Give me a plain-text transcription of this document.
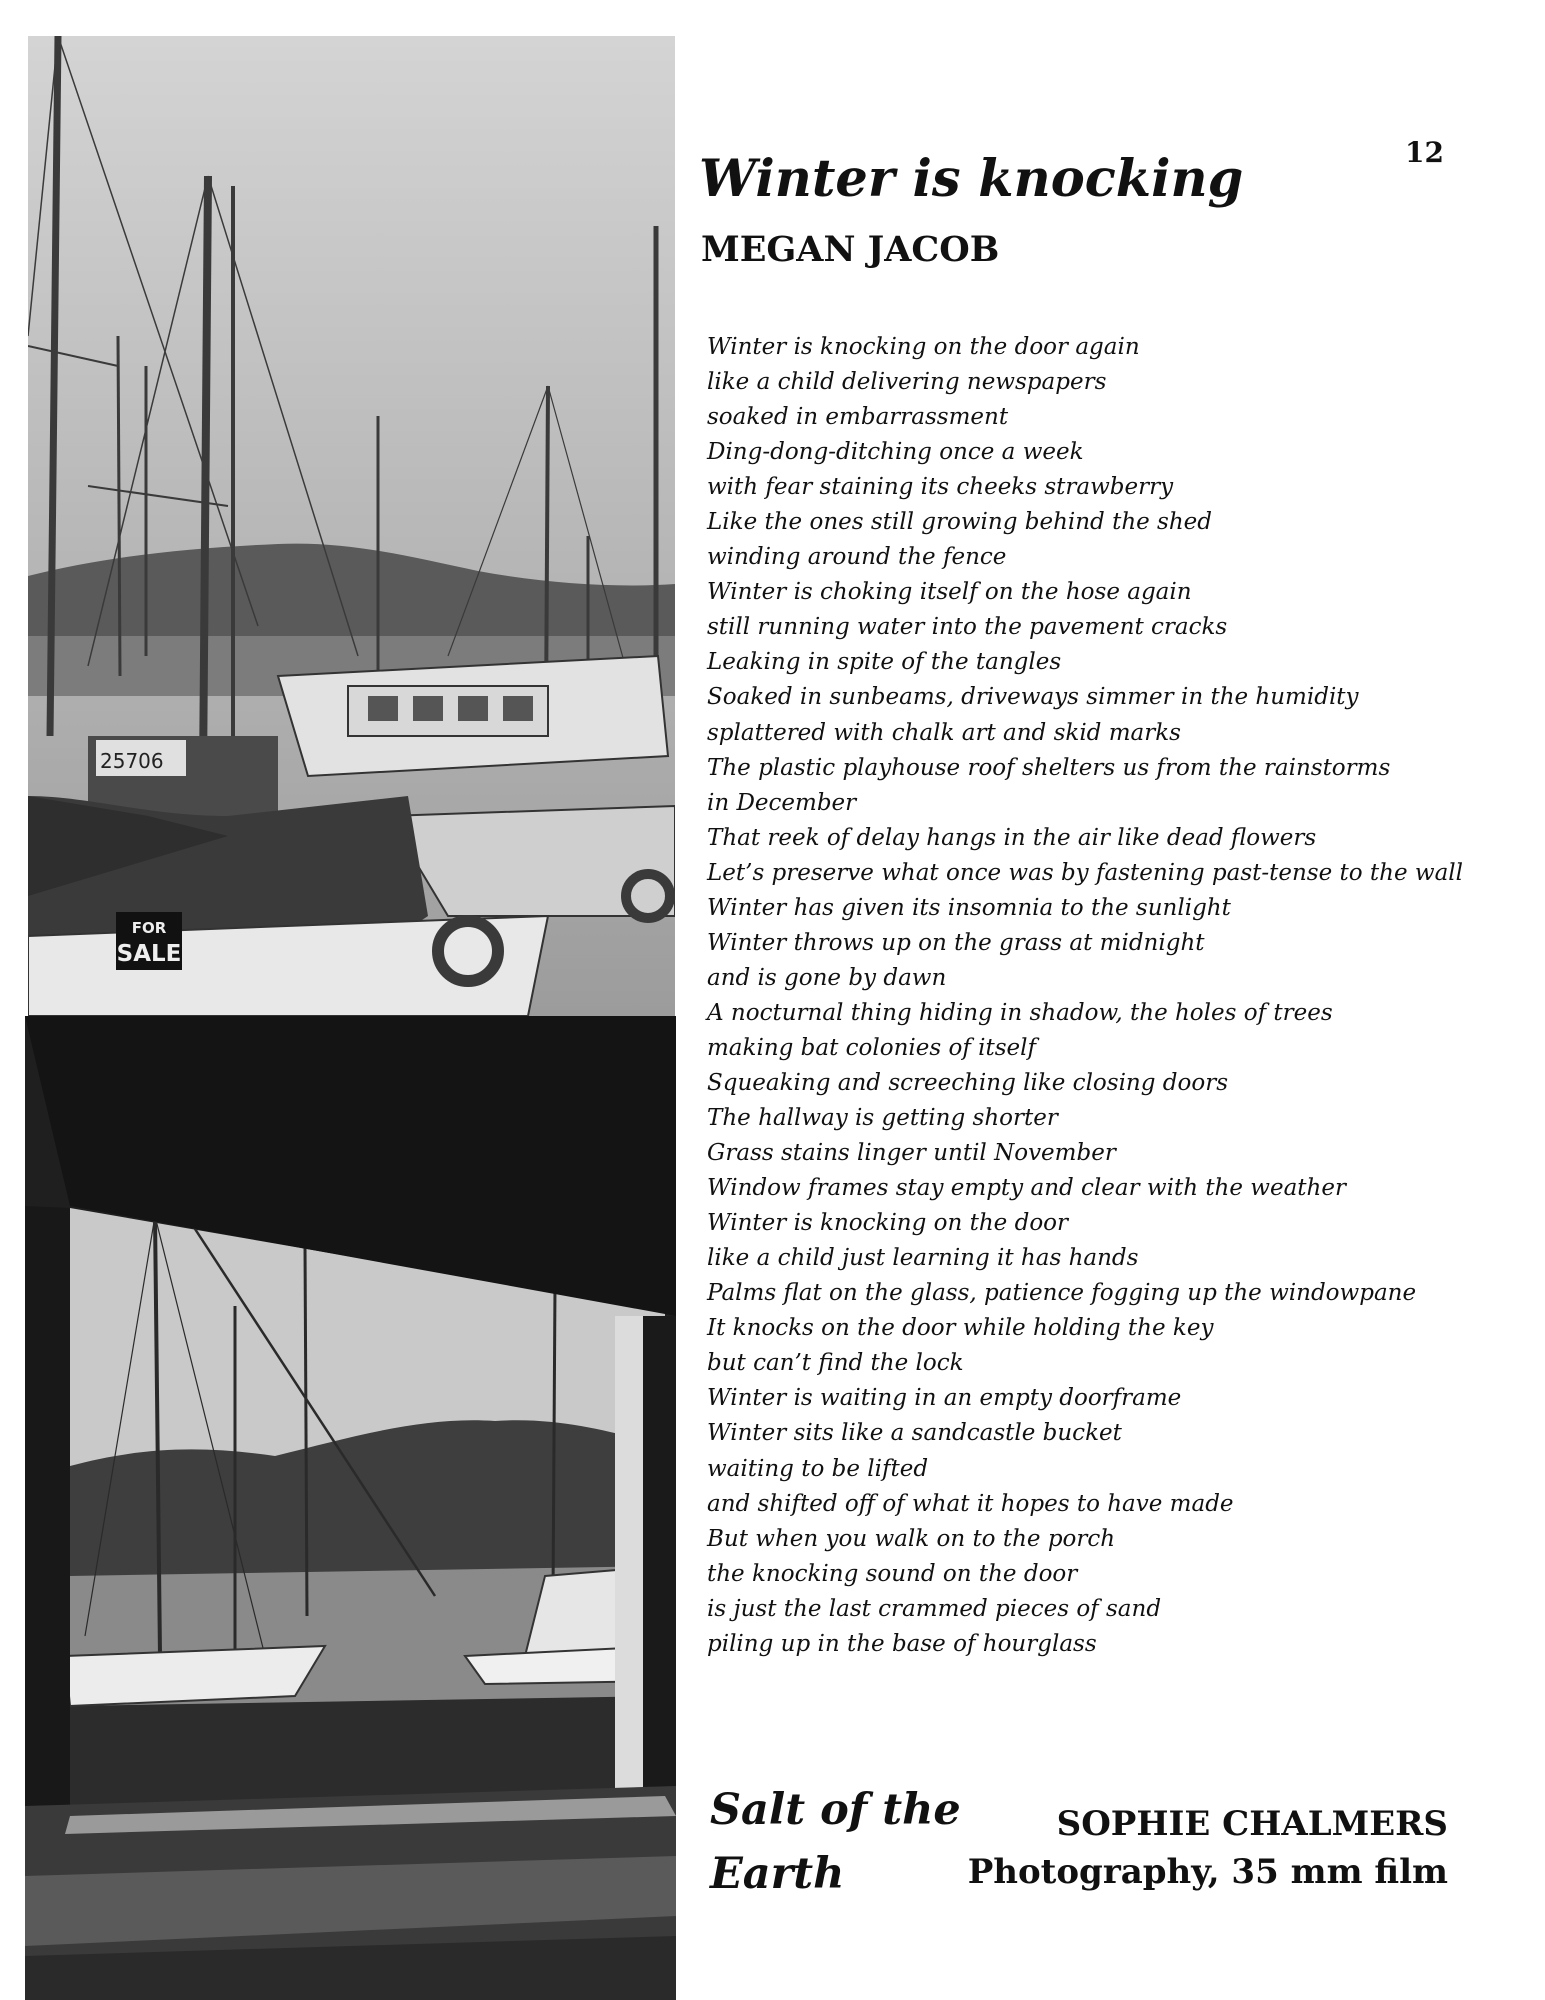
25706
FOR
SALE
12
Winter is knocking
MEGAN JACOB
Winter is knocking on the door again
like a child delivering newspapers
soaked in embarrassment
Ding-dong-ditching once a week
with fear staining its cheeks strawberry
Like the ones still growing behind the shed
winding around the fence
Winter is choking itself on the hose again
still running water into the pavement cracks
Leaking in spite of the tangles
Soaked in sunbeams, driveways simmer in the humidity
splattered with chalk art and skid marks
The plastic playhouse roof shelters us from the rainstorms
in December
That reek of delay hangs in the air like dead flowers
Let’s preserve what once was by fastening past-tense to the wall
Winter has given its insomnia to the sunlight
Winter throws up on the grass at midnight
and is gone by dawn
A nocturnal thing hiding in shadow, the holes of trees
making bat colonies of itself
Squeaking and screeching like closing doors
The hallway is getting shorter
Grass stains linger until November
Window frames stay empty and clear with the weather
Winter is knocking on the door
like a child just learning it has hands
Palms flat on the glass, patience fogging up the windowpane
It knocks on the door while holding the key
but can’t find the lock
Winter is waiting in an empty doorframe
Winter sits like a sandcastle bucket
waiting to be lifted
and shifted off of what it hopes to have made
But when you walk on to the porch
the knocking sound on the door
is just the last crammed pieces of sand
piling up in the base of hourglass
Salt of the Earth
SOPHIE CHALMERS
Photography, 35 mm film
